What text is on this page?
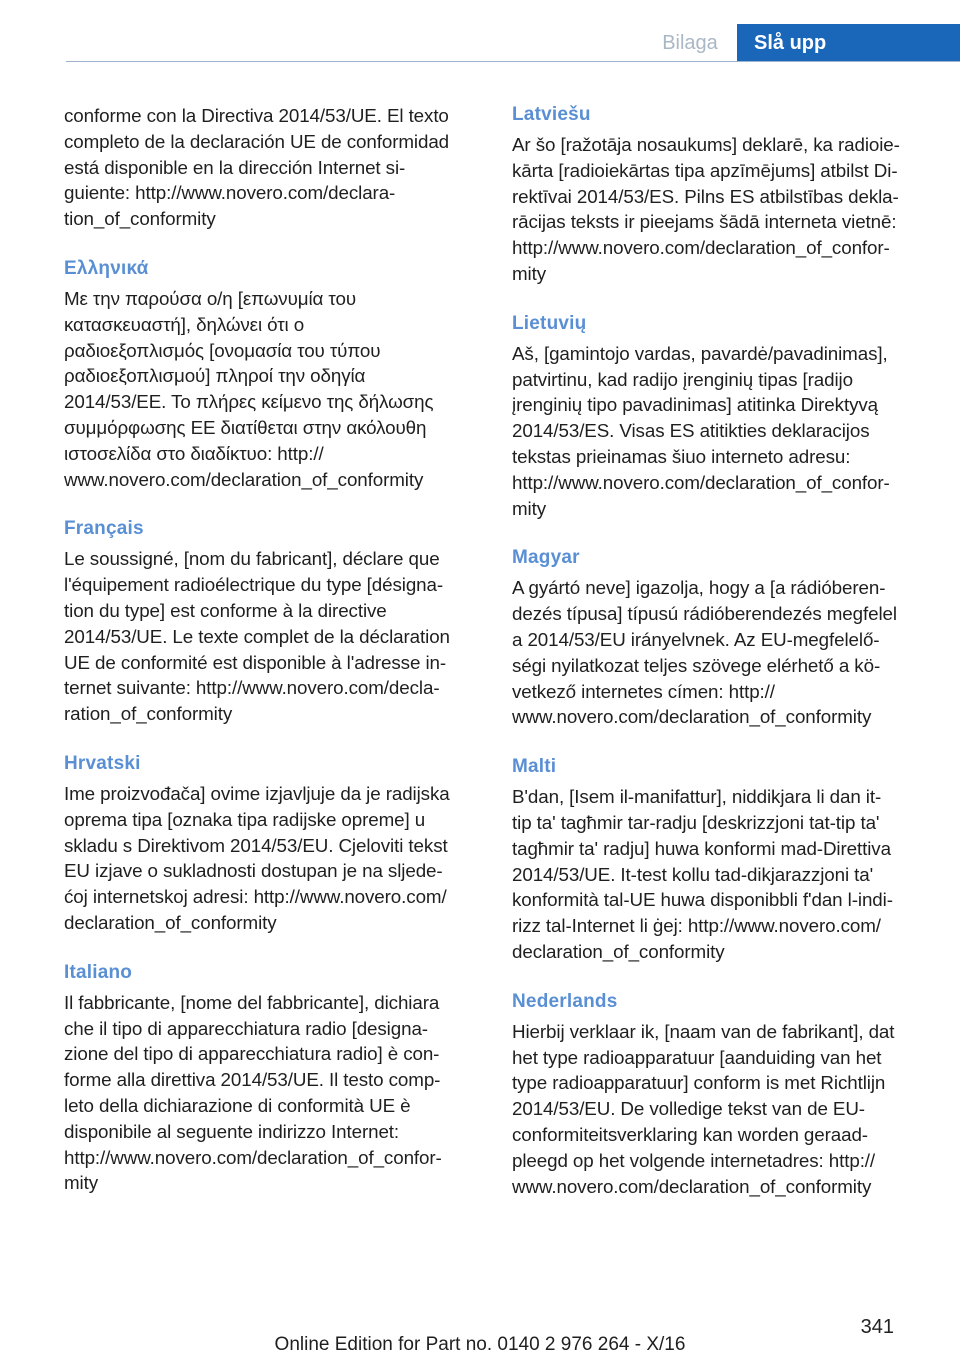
Bilaga	Slå upp

conforme con la Directiva 2014/53/UE. El texto
completo de la declaración UE de conformidad
está disponible en la dirección Internet si-
guiente: http://www.novero.com/declara-
tion_of_conformity

Ελληνικά

Με την παρούσα ο/η [επωνυμία του
κατασκευαστή], δηλώνει ότι ο
ραδιοεξοπλισμός [ονομασία του τύπου
ραδιοεξοπλισμού] πληροί την οδηγία
2014/53/ΕΕ. Το πλήρες κείμενο της δήλωσης
συμμόρφωσης ΕΕ διατίθεται στην ακόλουθη
ιστοσελίδα στο διαδίκτυο: http://
www.novero.com/declaration_of_conformity

Français

Le soussigné, [nom du fabricant], déclare que
l'équipement radioélectrique du type [désigna-
tion du type] est conforme à la directive
2014/53/UE. Le texte complet de la déclaration
UE de conformité est disponible à l'adresse in-
ternet suivante: http://www.novero.com/decla-
ration_of_conformity

Hrvatski

Ime proizvođača] ovime izjavljuje da je radijska
oprema tipa [oznaka tipa radijske opreme] u
skladu s Direktivom 2014/53/EU. Cjeloviti tekst
EU izjave o sukladnosti dostupan je na sljede-
ćoj internetskoj adresi: http://www.novero.com/
declaration_of_conformity

Italiano

Il fabbricante, [nome del fabbricante], dichiara
che il tipo di apparecchiatura radio [designa-
zione del tipo di apparecchiatura radio] è con-
forme alla direttiva 2014/53/UE. Il testo comp-
leto della dichiarazione di conformità UE è
disponibile al seguente indirizzo Internet:
http://www.novero.com/declaration_of_confor-
mity

Latviešu

Ar šo [ražotāja nosaukums] deklarē, ka radioie-
kārta [radioiekārtas tipa apzīmējums] atbilst Di-
rektīvai 2014/53/ES. Pilns ES atbilstības dekla-
rācijas teksts ir pieejams šādā interneta vietnē:
http://www.novero.com/declaration_of_confor-
mity

Lietuvių

Aš, [gamintojo vardas, pavardė/pavadinimas],
patvirtinu, kad radijo įrenginių tipas [radijo
įrenginių tipo pavadinimas] atitinka Direktyvą
2014/53/ES. Visas ES atitikties deklaracijos
tekstas prieinamas šiuo interneto adresu:
http://www.novero.com/declaration_of_confor-
mity

Magyar

A gyártó neve] igazolja, hogy a [a rádióberen-
dezés típusa] típusú rádióberendezés megfelel
a 2014/53/EU irányelvnek. Az EU-megfelelő-
ségi nyilatkozat teljes szövege elérhető a kö-
vetkező internetes címen: http://
www.novero.com/declaration_of_conformity

Malti

B'dan, [Isem il-manifattur], niddikjara li dan it-
tip ta' tagħmir tar-radju [deskrizzjoni tat-tip ta'
tagħmir ta' radju] huwa konformi mad-Direttiva
2014/53/UE. It-test kollu tad-dikjarazzjoni ta'
konformità tal-UE huwa disponibbli f'dan l-indi-
rizz tal-Internet li ġej: http://www.novero.com/
declaration_of_conformity

Nederlands

Hierbij verklaar ik, [naam van de fabrikant], dat
het type radioapparatuur [aanduiding van het
type radioapparatuur] conform is met Richtlijn
2014/53/EU. De volledige tekst van de EU-
conformiteitsverklaring kan worden geraad-
pleegd op het volgende internetadres: http://
www.novero.com/declaration_of_conformity

341
Online Edition for Part no. 0140 2 976 264 - X/16
